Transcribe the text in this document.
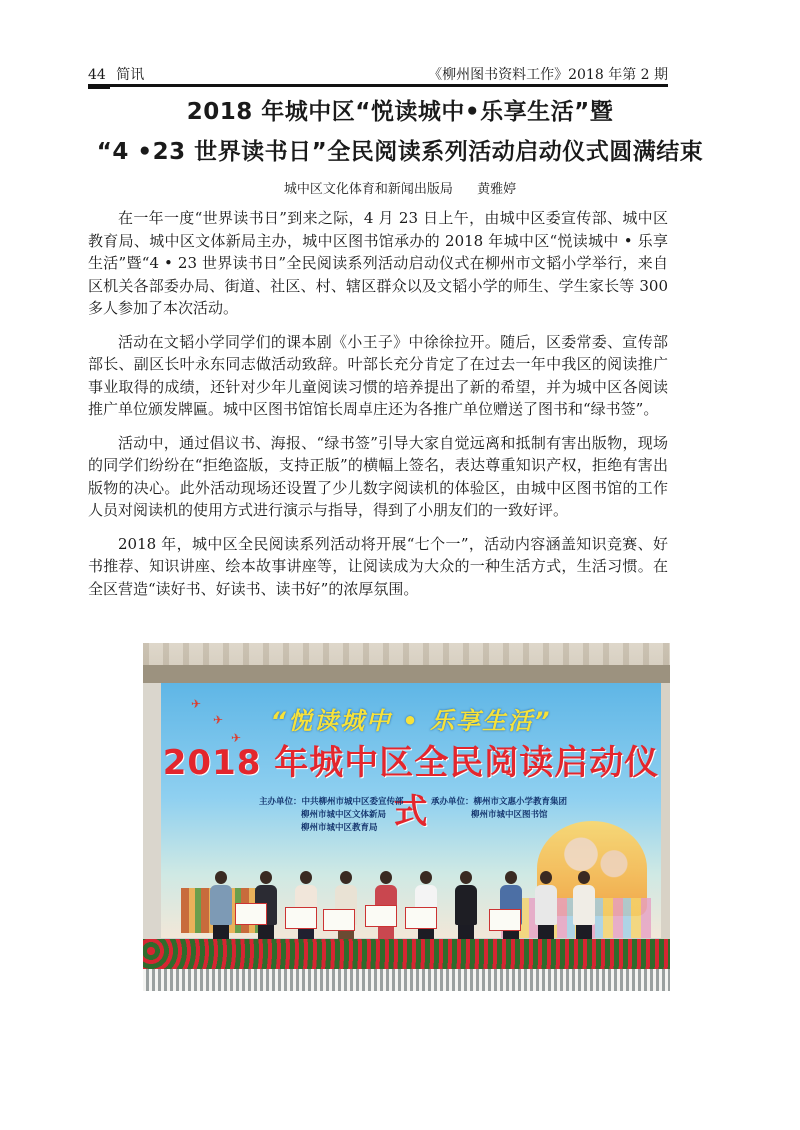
44 简讯	《柳州图书资料工作》2018 年第 2 期
2018 年城中区“悦读城中•乐享生活”暨
“4 •23 世界读书日”全民阅读系列活动启动仪式圆满结束
城中区文化体育和新闻出版局 黄雅婷

在一年一度“世界读书日”到来之际，4 月 23 日上午，由城中区委宣传部、城中区教育局、城中区文体新局主办，城中区图书馆承办的 2018 年城中区“悦读城中 • 乐享生活”暨“4 • 23 世界读书日”全民阅读系列活动启动仪式在柳州市文韬小学举行，来自区机关各部委办局、街道、社区、村、辖区群众以及文韬小学的师生、学生家长等 300 多人参加了本次活动。

活动在文韬小学同学们的课本剧《小王子》中徐徐拉开。随后，区委常委、宣传部部长、副区长叶永东同志做活动致辞。叶部长充分肯定了在过去一年中我区的阅读推广事业取得的成绩，还针对少年儿童阅读习惯的培养提出了新的希望，并为城中区各阅读推广单位颁发牌匾。城中区图书馆馆长周卓庄还为各推广单位赠送了图书和“绿书签”。

活动中，通过倡议书、海报、“绿书签”引导大家自觉远离和抵制有害出版物，现场的同学们纷纷在“拒绝盗版，支持正版”的横幅上签名，表达尊重知识产权，拒绝有害出版物的决心。此外活动现场还设置了少儿数字阅读机的体验区，由城中区图书馆的工作人员对阅读机的使用方式进行演示与指导，得到了小朋友们的一致好评。

2018 年，城中区全民阅读系列活动将开展“七个一”，活动内容涵盖知识竞赛、好书推荐、知识讲座、绘本故事讲座等，让阅读成为大众的一种生活方式，生活习惯。在全区营造“读好书、好读书、读书好”的浓厚氛围。

✈
✈
✈
“悦读城中 • 乐享生活”
2018 年城中区全民阅读启动仪式
主办单位：中共柳州市城中区委宣传部
柳州市城中区文体新局
柳州市城中区教育局
承办单位：柳州市文惠小学教育集团
柳州市城中区图书馆
